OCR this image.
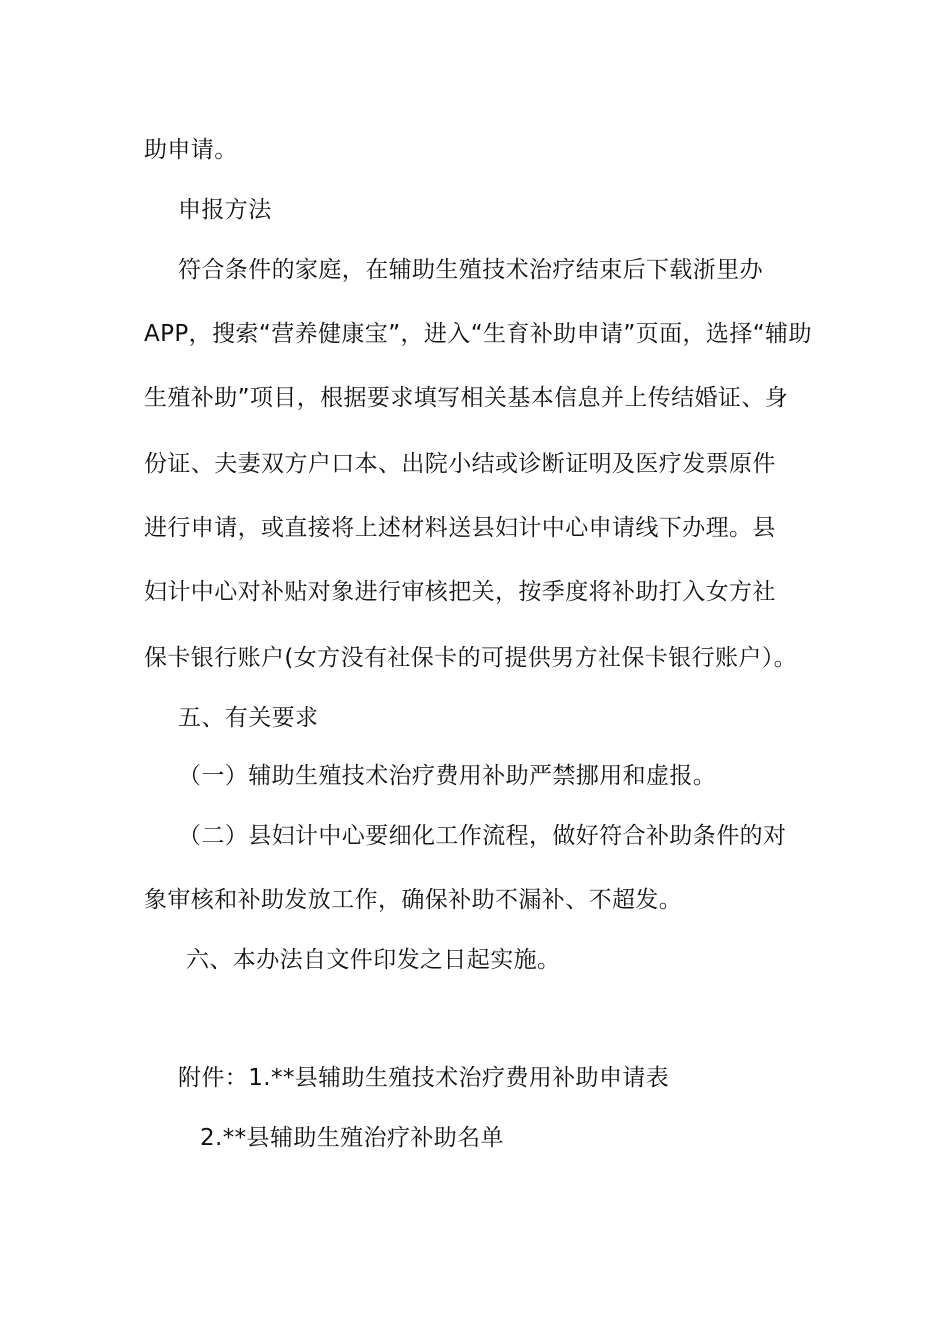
助申请。
申报方法
符合条件的家庭，在辅助生殖技术治疗结束后下载浙里办
APP，搜索“营养健康宝”，进入“生育补助申请”页面，选择“辅助
生殖补助”项目，根据要求填写相关基本信息并上传结婚证、身
份证、夫妻双方户口本、出院小结或诊断证明及医疗发票原件
进行申请，或直接将上述材料送县妇计中心申请线下办理。县
妇计中心对补贴对象进行审核把关，按季度将补助打入女方社
保卡银行账户(女方没有社保卡的可提供男方社保卡银行账户）。
五、有关要求
（一）辅助生殖技术治疗费用补助严禁挪用和虚报。
（二）县妇计中心要细化工作流程，做好符合补助条件的对
象审核和补助发放工作，确保补助不漏补、不超发。
六、本办法自文件印发之日起实施。
附件：1.**县辅助生殖技术治疗费用补助申请表
2.**县辅助生殖治疗补助名单
